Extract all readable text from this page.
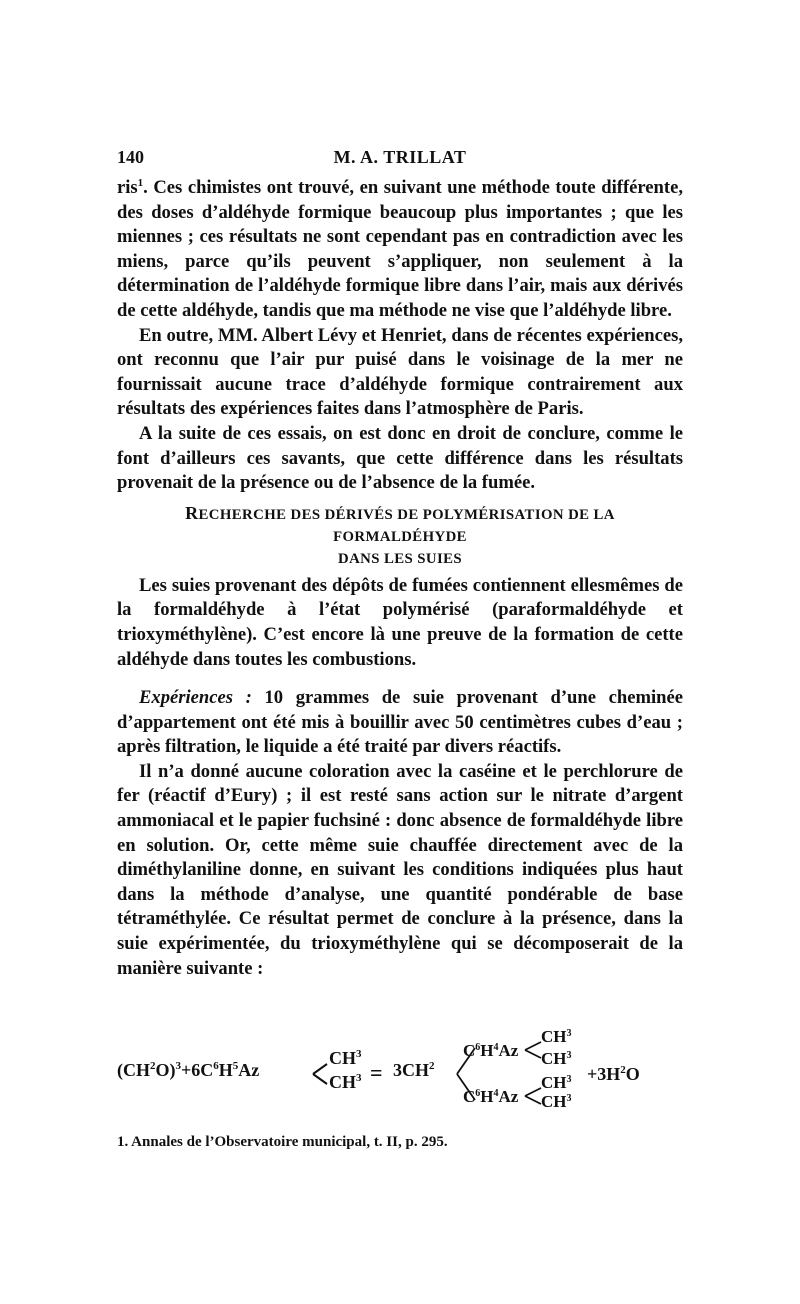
140	M. A. TRILLAT

ris$^1$. Ces chimistes ont trouvé, en suivant une méthode toute différente, des doses d’aldéhyde formique beaucoup plus importantes ; que les miennes ; ces résultats ne sont cependant pas en contradiction avec les miens, parce qu’ils peuvent s’appliquer, non seulement à la détermination de l’aldéhyde formique libre dans l’air, mais aux dérivés de cette aldéhyde, tandis que ma méthode ne vise que l’aldéhyde libre.

En outre, MM. Albert Lévy et Henriet, dans de récentes expériences, ont reconnu que l’air pur puisé dans le voisinage de la mer ne fournissait aucune trace d’aldéhyde formique contrairement aux résultats des expériences faites dans l’atmosphère de Paris.

A la suite de ces essais, on est donc en droit de conclure, comme le font d’ailleurs ces savants, que cette différence dans les résultats provenait de la présence ou de l’absence de la fumée.

RECHERCHE DES DÉRIVÉS DE POLYMÉRISATION DE LA FORMALDÉHYDE
DANS LES SUIES

Les suies provenant des dépôts de fumées contiennent ellesmêmes de la formaldéhyde à l’état polymérisé (paraformaldéhyde et trioxyméthylène). C’est encore là une preuve de la formation de cette aldéhyde dans toutes les combustions.

Expériences : 10 grammes de suie provenant d’une cheminée d’appartement ont été mis à bouillir avec 50 centimètres cubes d’eau ; après filtration, le liquide a été traité par divers réactifs.

Il n’a donné aucune coloration avec la caséine et le perchlorure de fer (réactif d’Eury) ; il est resté sans action sur le nitrate d’argent ammoniacal et le papier fuchsiné : donc absence de formaldéhyde libre en solution. Or, cette même suie chauffée directement avec de la diméthylaniline donne, en suivant les conditions indiquées plus haut dans la méthode d’analyse, une quantité pondérable de base tétraméthylée. Ce résultat permet de conclure à la présence, dans la suie expérimentée, du trioxyméthylène qui se décomposerait de la manière suivante :

$(CH^2O)^3+6C^6H^5Az$
$CH^3$
$CH^3 = 3CH^2$
$C^6H^4Az$
$C^6H^4Az$
$CH^3$
$CH^3$
$CH^3$
$CH^3$
$+3H^2O$
1. Annales de l’Observatoire municipal, t. II, p. 295.
